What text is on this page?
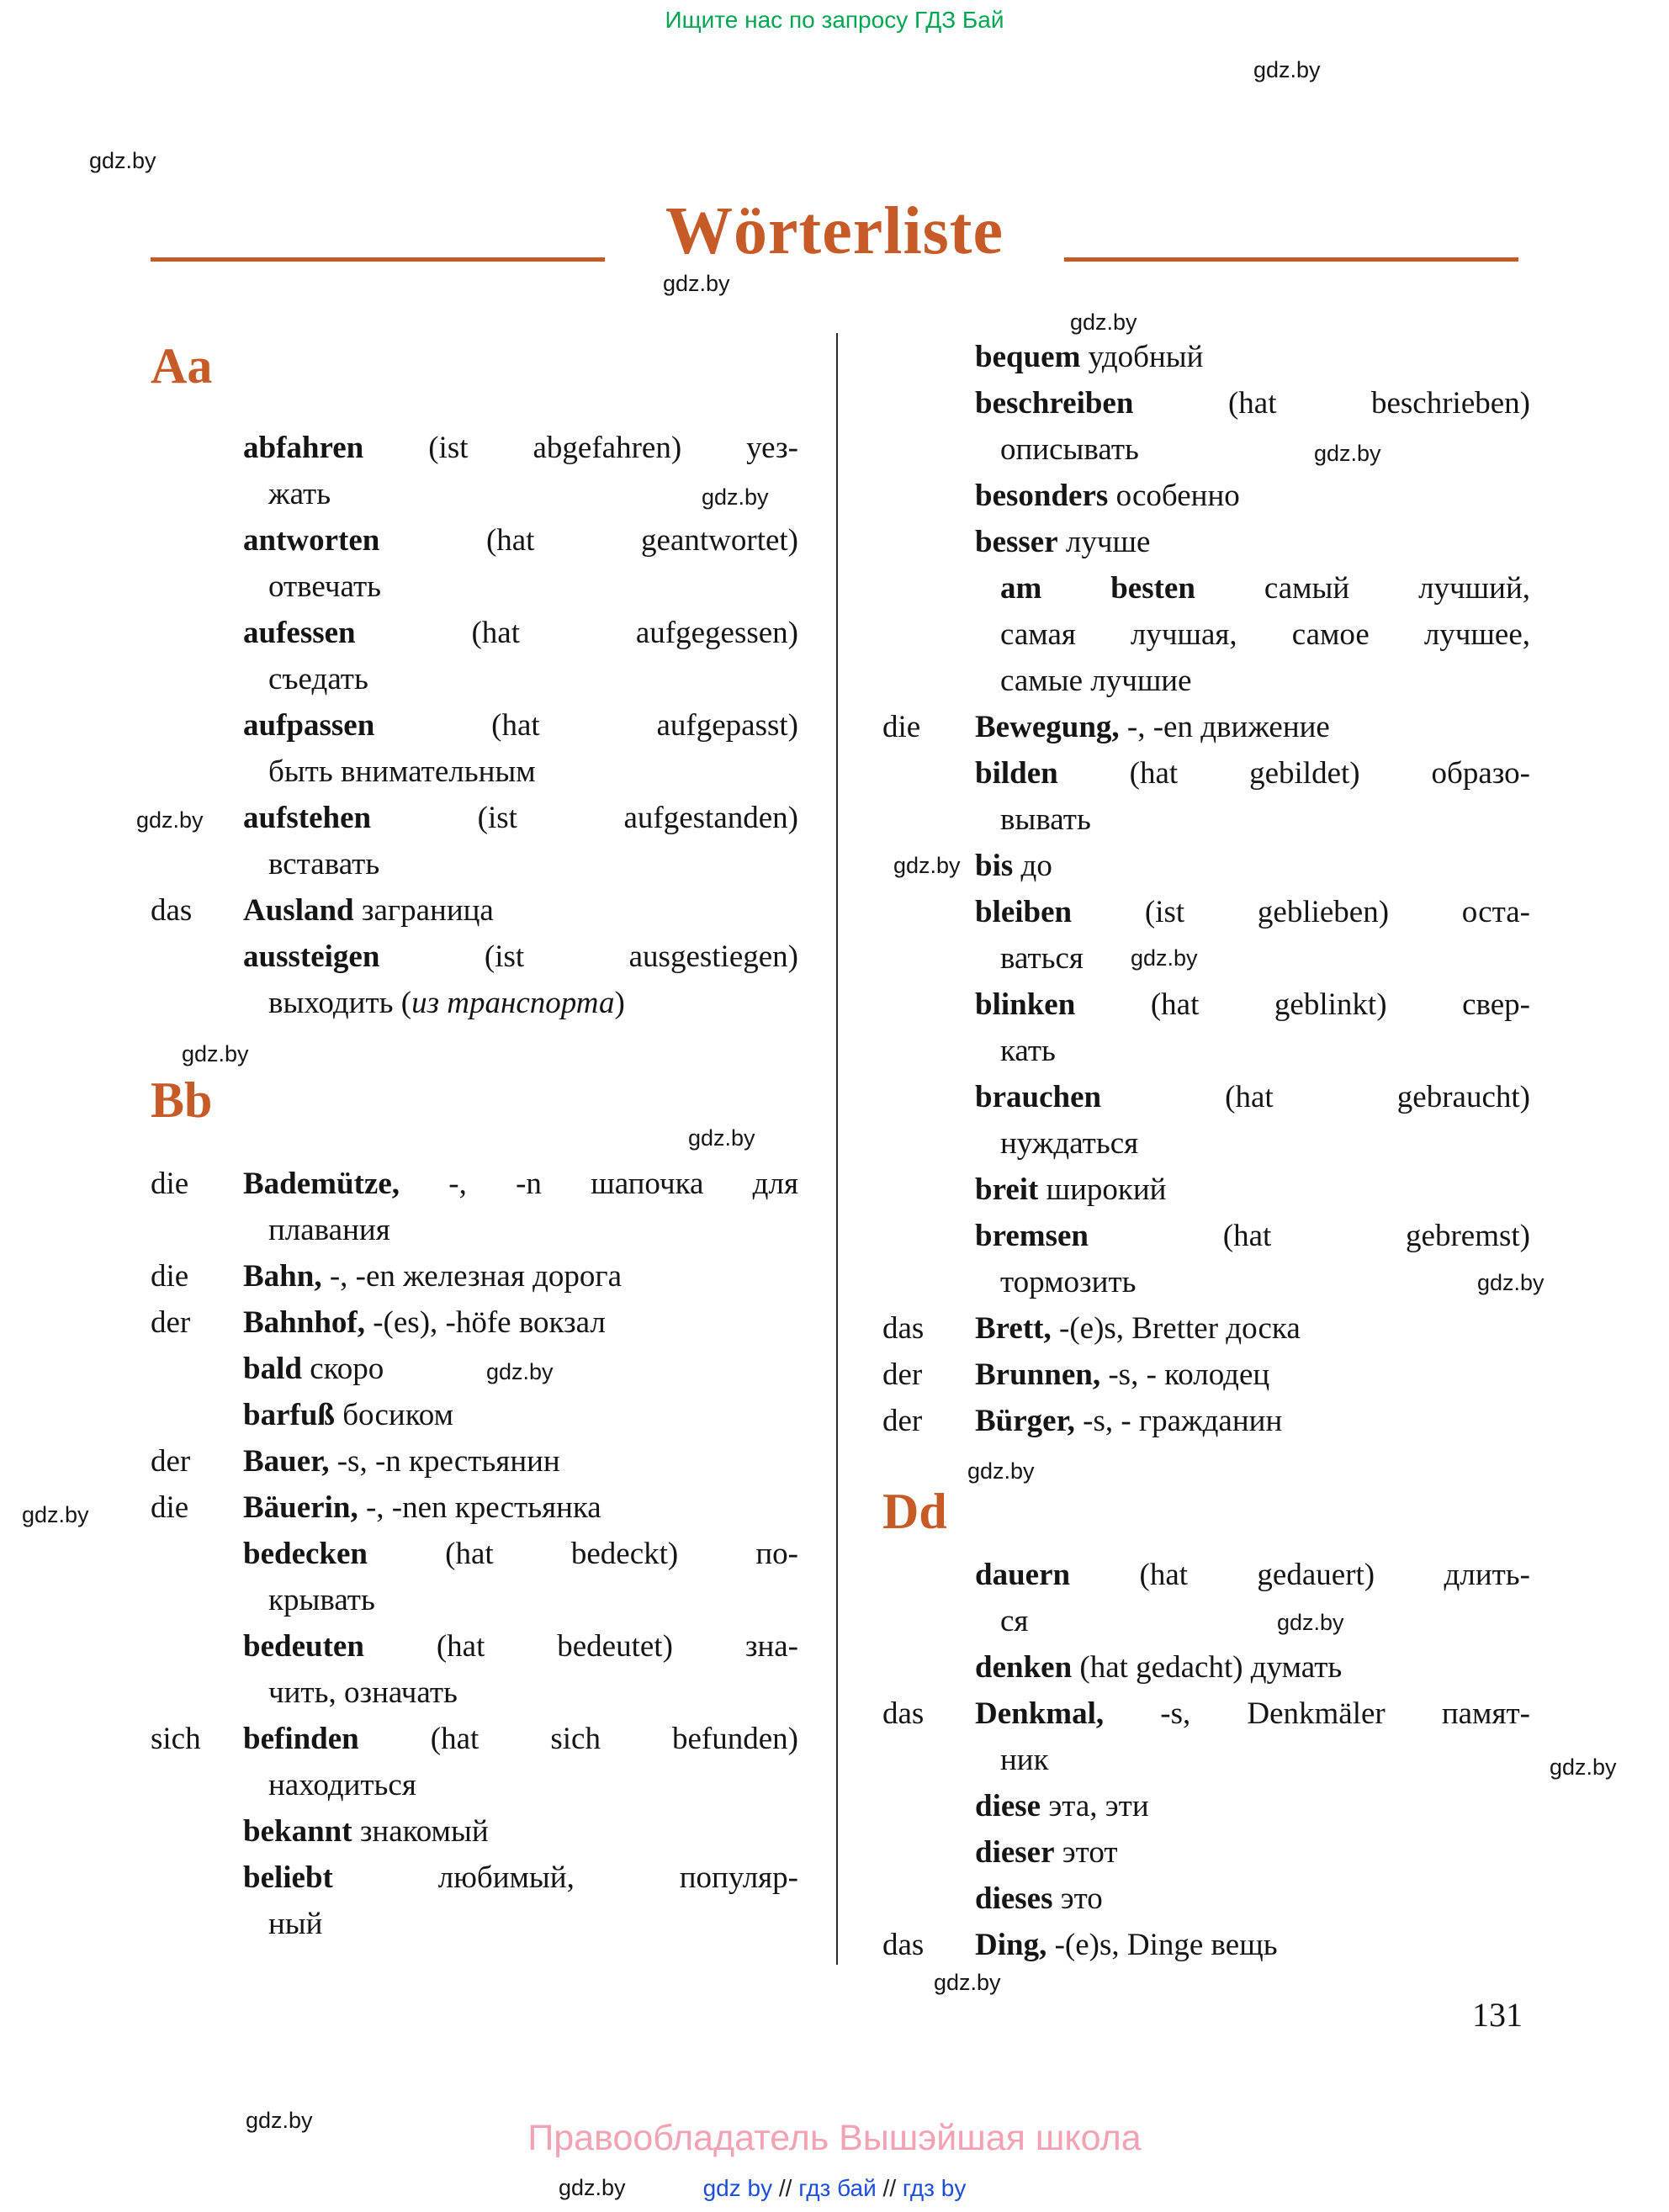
Ищите нас по запросу ГДЗ Бай
Wörterliste
Aa
abfahren (ist abgefahren) уез-
жать
antworten (hat geantwortet)
отвечать
aufessen (hat aufgegessen)
съедать
aufpassen (hat aufgepasst)
быть внимательным
aufstehen (ist aufgestanden)
вставать
das	Ausland заграница
aussteigen (ist ausgestiegen)
выходить (из транспорта)
Bb
die	Bademütze, -, -n шапочка для
плавания
die	Bahn, -, -en железная дорога
der	Bahnhof, -(es), -höfe вокзал
bald скоро
barfuß босиком
der	Bauer, -s, -n крестьянин
die	Bäuerin, -, -nen крестьянка
bedecken (hat bedeckt) по-
крывать
bedeuten (hat bedeutet) зна-
чить, означать
sich	befinden (hat sich befunden)
находиться
bekannt знакомый
beliebt любимый, популяр-
ный
bequem удобный
beschreiben (hat beschrieben)
описывать
besonders особенно
besser лучше
am besten самый лучший,
самая лучшая, самое лучшее,
самые лучшие
die	Bewegung, -, -en движение
bilden (hat gebildet) образо-
вывать
bis до
bleiben (ist geblieben) оста-
ваться
blinken (hat geblinkt) свер-
кать
brauchen (hat gebraucht)
нуждаться
breit широкий
bremsen (hat gebremst)
тормозить
das	Brett, -(e)s, Bretter доска
der	Brunnen, -s, - колодец
der	Bürger, -s, - гражданин
Dd
dauern (hat gedauert) длить-
ся
denken (hat gedacht) думать
das	Denkmal, -s, Denkmäler памят-
ник
diese эта, эти
dieser этот
dieses это
das	Ding, -(e)s, Dinge вещь
131
Правообладатель Вышэйшая школа
gdz by // гдз бай // гдз by
gdz.by
gdz.by
gdz.by
gdz.by
gdz.by
gdz.by
gdz.by
gdz.by
gdz.by
gdz.by
gdz.by
gdz.by
gdz.by
gdz.by
gdz.by
gdz.by
gdz.by
gdz.by
gdz.by
gdz.by
